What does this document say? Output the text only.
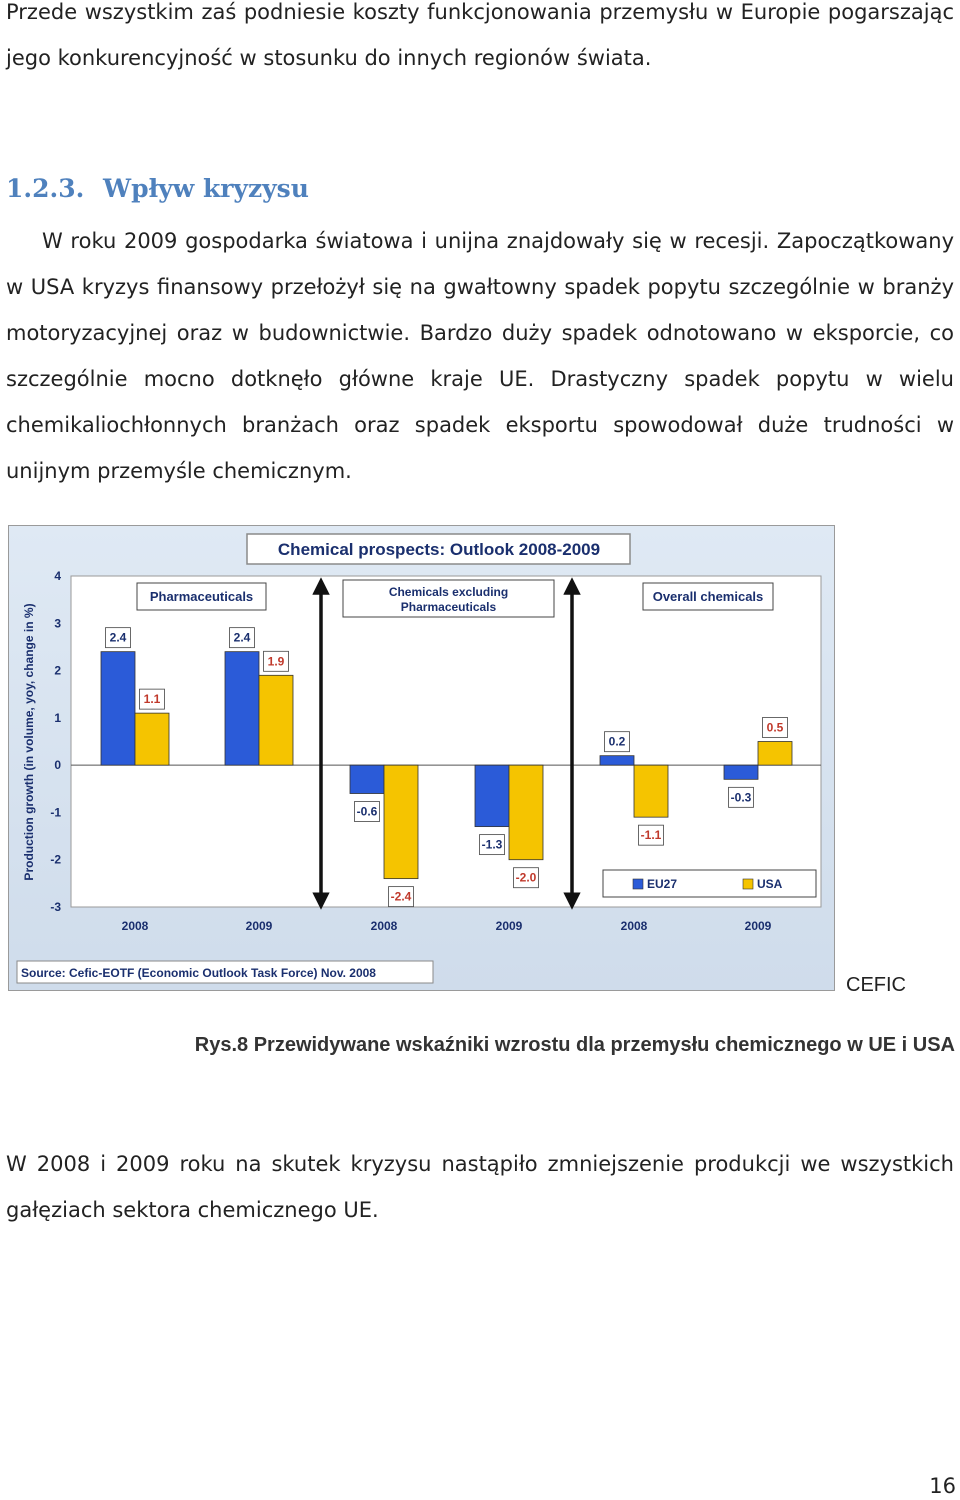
Przede wszystkim zaś podniesie koszty funkcjonowania przemysłu w Europie pogarszając jego konkurencyjność w stosunku do innych regionów świata.

1.2.3. Wpływ kryzysu

W roku 2009 gospodarka światowa i unijna znajdowały się w recesji. Zapoczątkowany w USA kryzys finansowy przełożył się na gwałtowny spadek popytu szczególnie w branży motoryzacyjnej oraz w budownictwie. Bardzo duży spadek odnotowano w eksporcie, co szczególnie mocno dotknęło główne kraje UE. Drastyczny spadek popytu w wielu chemikaliochłonnych branżach oraz spadek eksportu spowodował duże trudności w unijnym przemyśle chemicznym.

Chemical prospects: Outlook 2008-2009
Production growth (in volume, yoy, change in %)
4
3
2
1
0
-1
-2
-3
Pharmaceuticals	Chemicals excluding
Pharmaceuticals
Overall chemicals
2.4
1.1
2008
2.4
1.9
2009
-0.6
-2.4
2008
-1.3
-2.0
2009
0.2
-1.1
2008
-0.3
0.5
2009
EU27	USA
Source: Cefic-EOTF (Economic Outlook Task Force) Nov. 2008
CEFIC
Rys.8 Przewidywane wskaźniki wzrostu dla przemysłu chemicznego w UE i USA

W 2008 i 2009 roku na skutek kryzysu nastąpiło zmniejszenie produkcji we wszystkich gałęziach sektora chemicznego UE.

16
